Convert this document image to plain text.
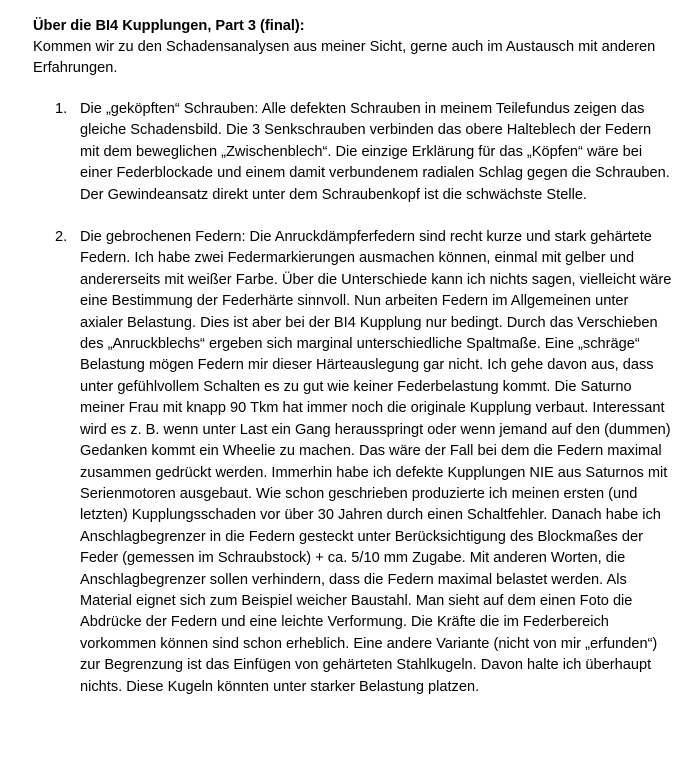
Über die BI4 Kupplungen, Part 3 (final):

Kommen wir zu den Schadensanalysen aus meiner Sicht, gerne auch im Austausch mit anderen Erfahrungen.

1. Die „geköpften“ Schrauben: Alle defekten Schrauben in meinem Teilefundus zeigen das gleiche Schadensbild. Die 3 Senkschrauben verbinden das obere Halteblech der Federn mit dem beweglichen „Zwischenblech“. Die einzige Erklärung für das „Köpfen“ wäre bei einer Federblockade und einem damit verbundenem radialen Schlag gegen die Schrauben. Der Gewindeansatz direkt unter dem Schraubenkopf ist die schwächste Stelle.
2. Die gebrochenen Federn: Die Anruckdämpferfedern sind recht kurze und stark gehärtete Federn. Ich habe zwei Federmarkierungen ausmachen können, einmal mit gelber und andererseits mit weißer Farbe. Über die Unterschiede kann ich nichts sagen, vielleicht wäre eine Bestimmung der Federhärte sinnvoll. Nun arbeiten Federn im Allgemeinen unter axialer Belastung. Dies ist aber bei der BI4 Kupplung nur bedingt. Durch das Verschieben des „Anruckblechs“ ergeben sich marginal unterschiedliche Spaltmaße. Eine „schräge“ Belastung mögen Federn mir dieser Härteauslegung gar nicht. Ich gehe davon aus, dass unter gefühlvollem Schalten es zu gut wie keiner Federbelastung kommt. Die Saturno meiner Frau mit knapp 90 Tkm hat immer noch die originale Kupplung verbaut. Interessant wird es z. B. wenn unter Last ein Gang herausspringt oder wenn jemand auf den (dummen) Gedanken kommt ein Wheelie zu machen. Das wäre der Fall bei dem die Federn maximal zusammen gedrückt werden. Immerhin habe ich defekte Kupplungen NIE aus Saturnos mit Serienmotoren ausgebaut. Wie schon geschrieben produzierte ich meinen ersten (und letzten) Kupplungsschaden vor über 30 Jahren durch einen Schaltfehler. Danach habe ich Anschlagbegrenzer in die Federn gesteckt unter Berücksichtigung des Blockmaßes der Feder (gemessen im Schraubstock) + ca. 5/10 mm Zugabe. Mit anderen Worten, die Anschlagbegrenzer sollen verhindern, dass die Federn maximal belastet werden. Als Material eignet sich zum Beispiel weicher Baustahl. Man sieht auf dem einen Foto die Abdrücke der Federn und eine leichte Verformung. Die Kräfte die im Federbereich vorkommen können sind schon erheblich. Eine andere Variante (nicht von mir „erfunden“) zur Begrenzung ist das Einfügen von gehärteten Stahlkugeln. Davon halte ich überhaupt nichts. Diese Kugeln könnten unter starker Belastung platzen.
